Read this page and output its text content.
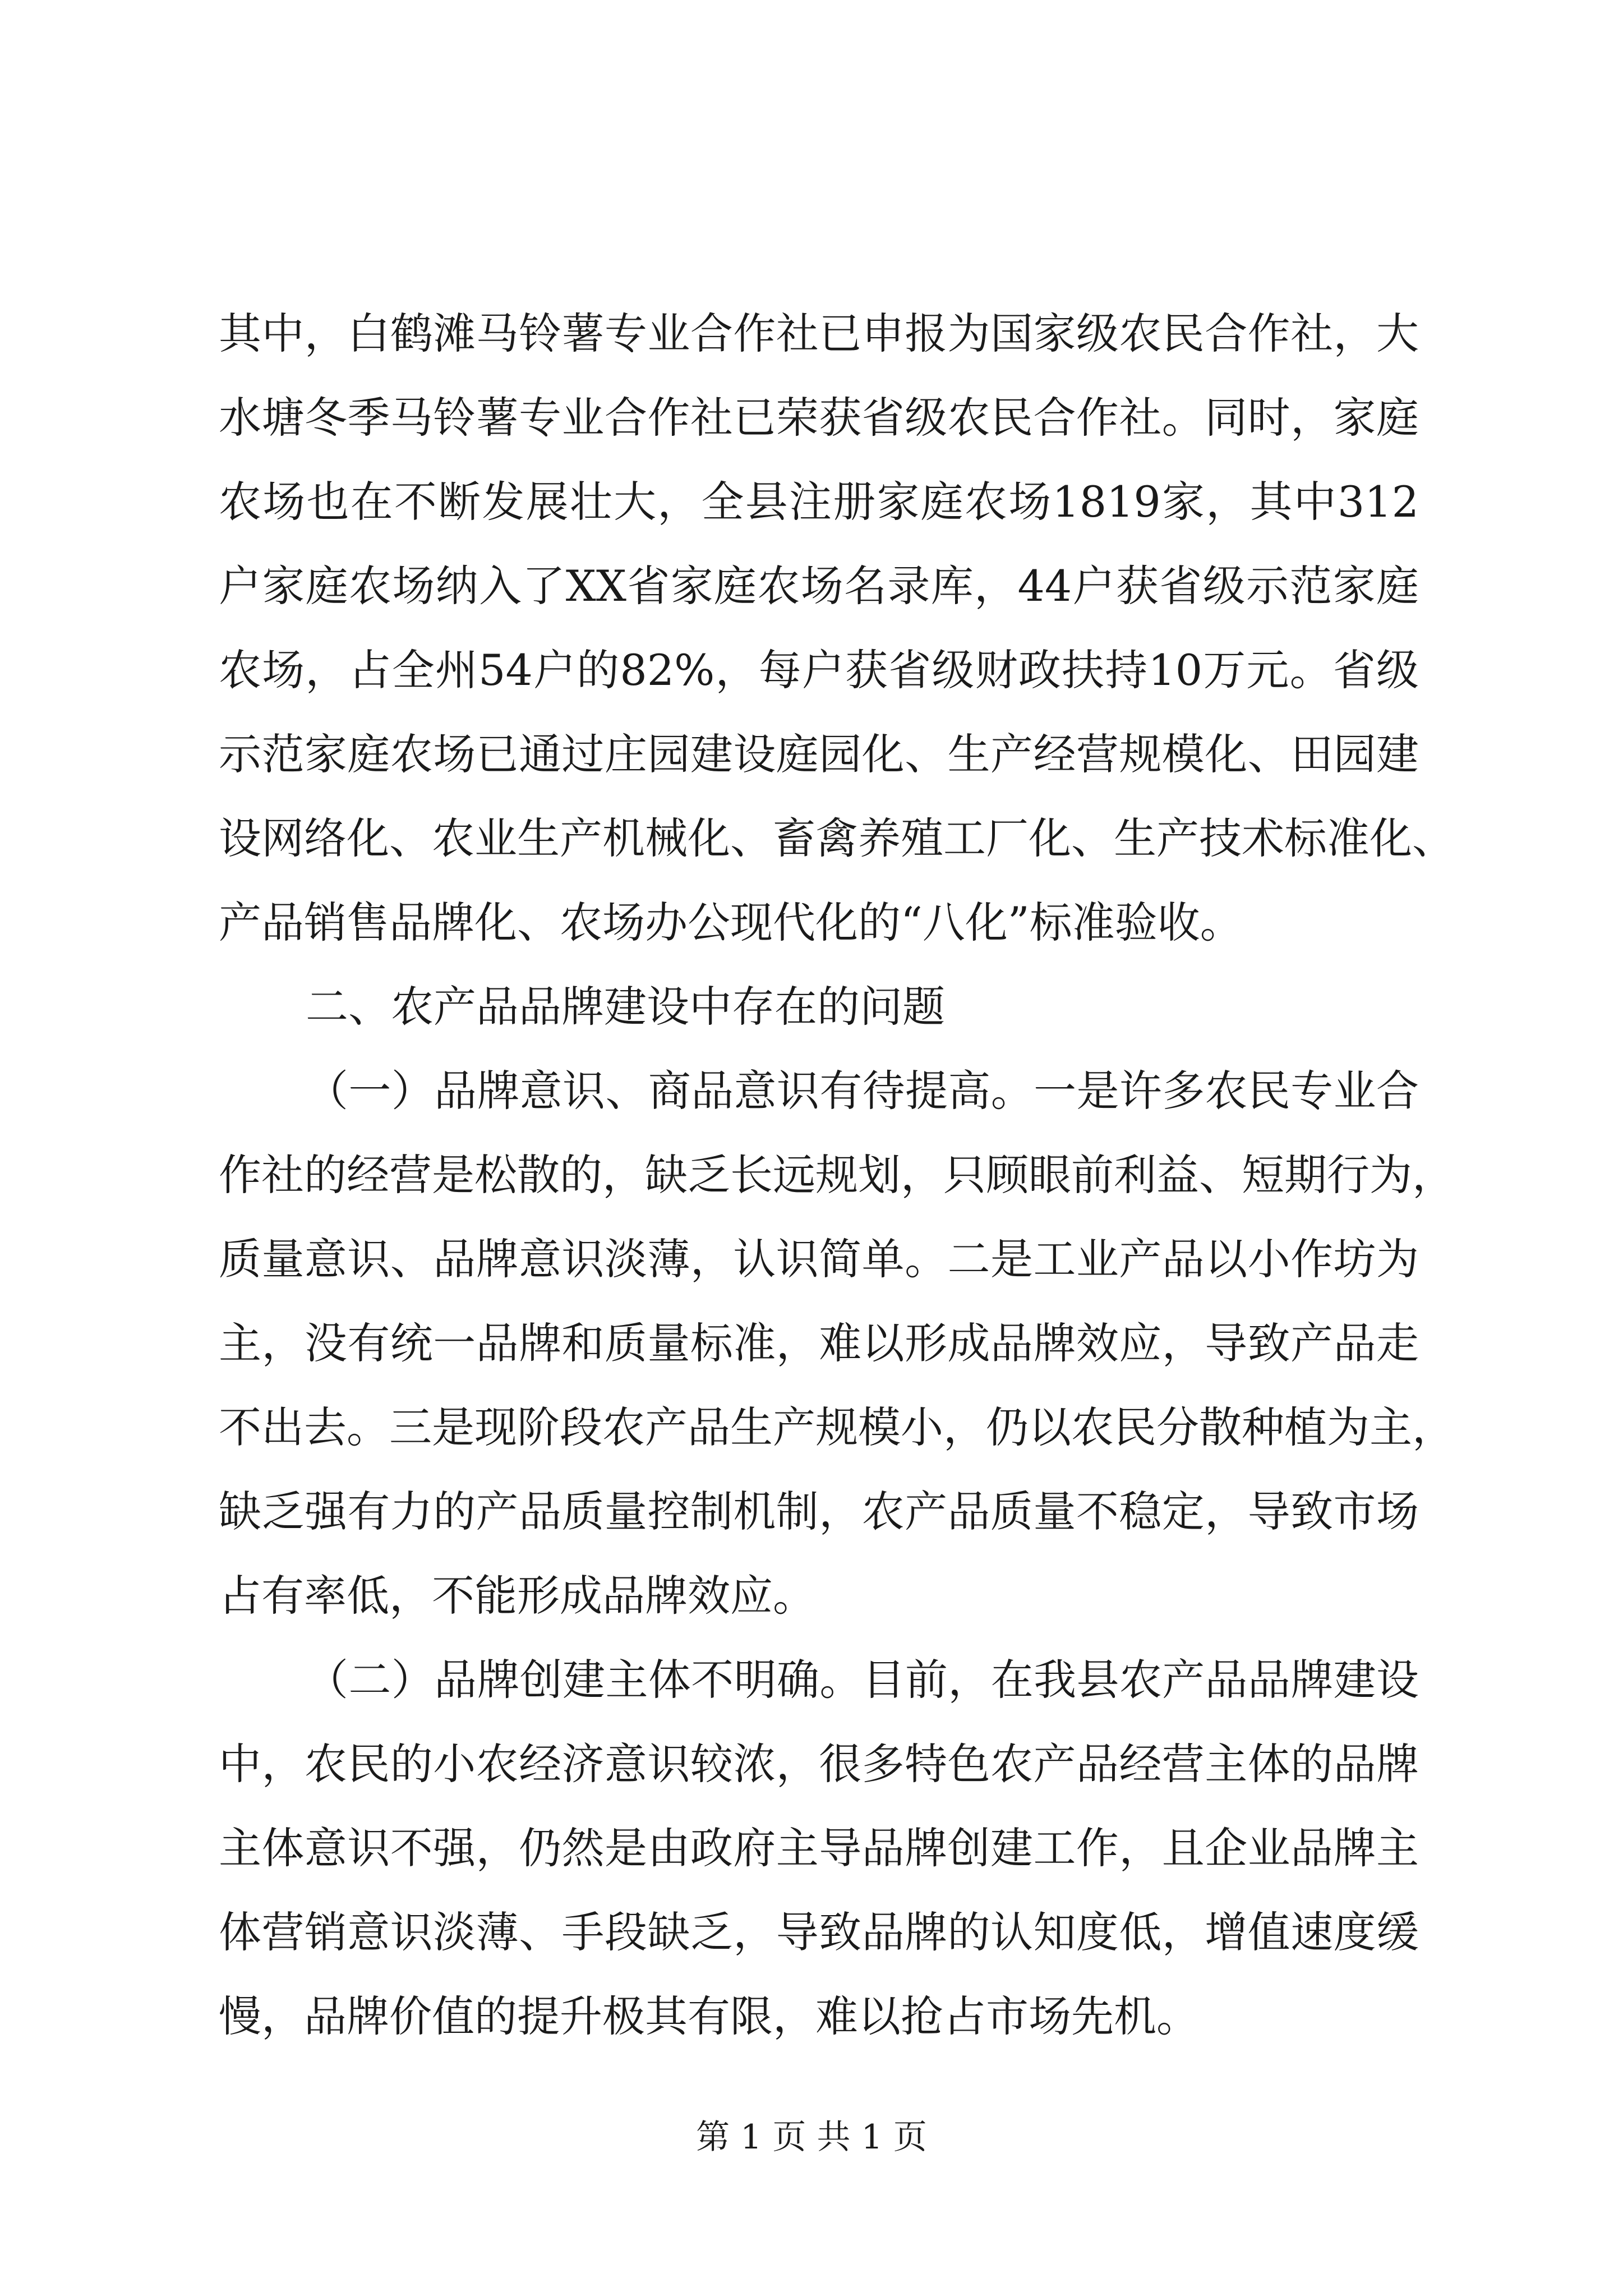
其中，白鹤滩马铃薯专业合作社已申报为国家级农民合作社，大
水塘冬季马铃薯专业合作社已荣获省级农民合作社。同时，家庭
农场也在不断发展壮大，全县注册家庭农场1819家，其中312
户家庭农场纳入了XX省家庭农场名录库，44户获省级示范家庭
农场，占全州54户的82%，每户获省级财政扶持10万元。省级
示范家庭农场已通过庄园建设庭园化、生产经营规模化、田园建
设网络化、农业生产机械化、畜禽养殖工厂化、生产技术标准化、
产品销售品牌化、农场办公现代化的“八化”标准验收。
二、农产品品牌建设中存在的问题
（一）品牌意识、商品意识有待提高。一是许多农民专业合
作社的经营是松散的，缺乏长远规划，只顾眼前利益、短期行为，
质量意识、品牌意识淡薄，认识简单。二是工业产品以小作坊为
主，没有统一品牌和质量标准，难以形成品牌效应，导致产品走
不出去。三是现阶段农产品生产规模小，仍以农民分散种植为主，
缺乏强有力的产品质量控制机制，农产品质量不稳定，导致市场
占有率低，不能形成品牌效应。
（二）品牌创建主体不明确。目前，在我县农产品品牌建设
中，农民的小农经济意识较浓，很多特色农产品经营主体的品牌
主体意识不强，仍然是由政府主导品牌创建工作，且企业品牌主
体营销意识淡薄、手段缺乏，导致品牌的认知度低，增值速度缓
慢，品牌价值的提升极其有限，难以抢占市场先机。
第 1 页 共 1 页
